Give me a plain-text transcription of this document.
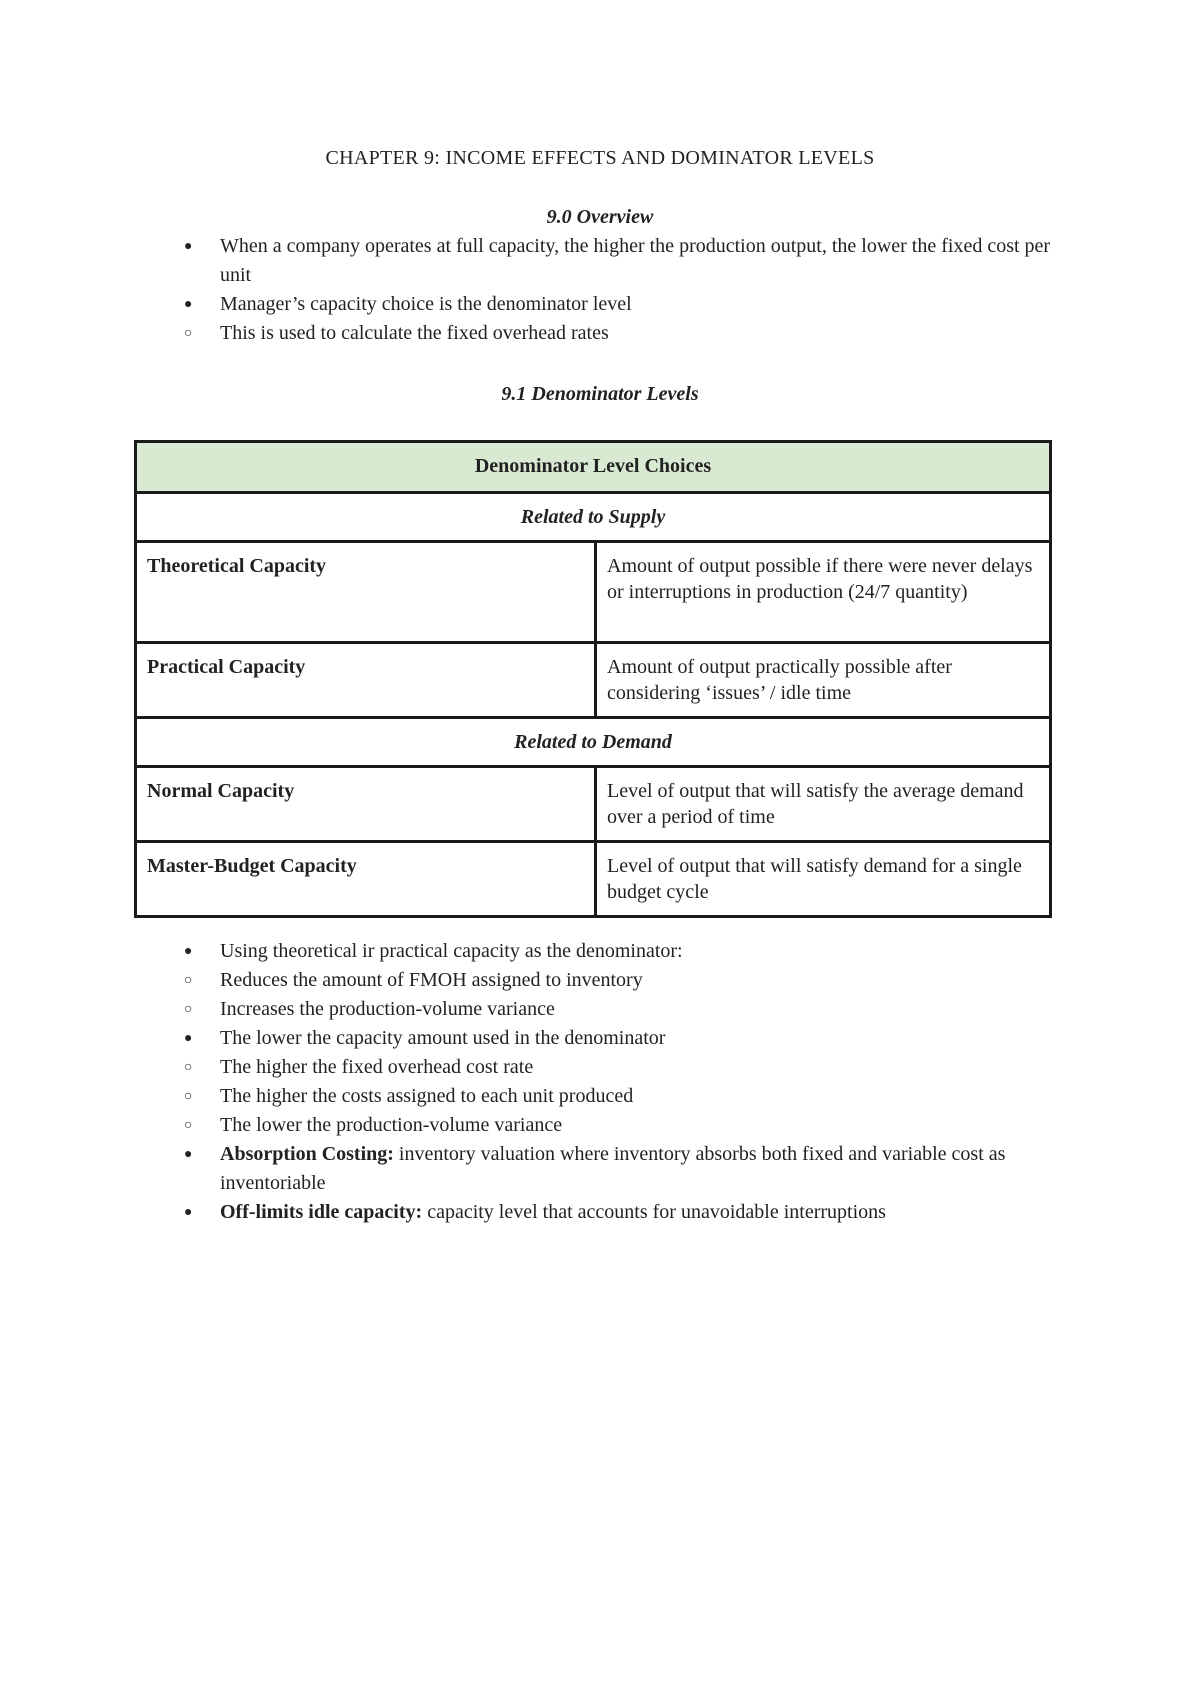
CHAPTER 9: INCOME EFFECTS AND DOMINATOR LEVELS
9.0 Overview
● When a company operates at full capacity, the higher the production output, the lower the fixed cost per unit
● Manager’s capacity choice is the denominator level
○ This is used to calculate the fixed overhead rates
9.1 Denominator Levels
Denominator Level Choices	
Related to Supply	
Theoretical Capacity	Amount of output possible if there were never delays or interruptions in production (24/7 quantity)
Practical Capacity	Amount of output practically possible after considering ‘issues’ / idle time
Related to Demand	
Normal Capacity	Level of output that will satisfy the average demand over a period of time
Master-Budget Capacity	Level of output that will satisfy demand for a single budget cycle
● Using theoretical ir practical capacity as the denominator:
○ Reduces the amount of FMOH assigned to inventory
○ Increases the production-volume variance
● The lower the capacity amount used in the denominator
○ The higher the fixed overhead cost rate
○ The higher the costs assigned to each unit produced
○ The lower the production-volume variance
● Absorption Costing: inventory valuation where inventory absorbs both fixed and variable cost as inventoriable
● Off-limits idle capacity: capacity level that accounts for unavoidable interruptions
